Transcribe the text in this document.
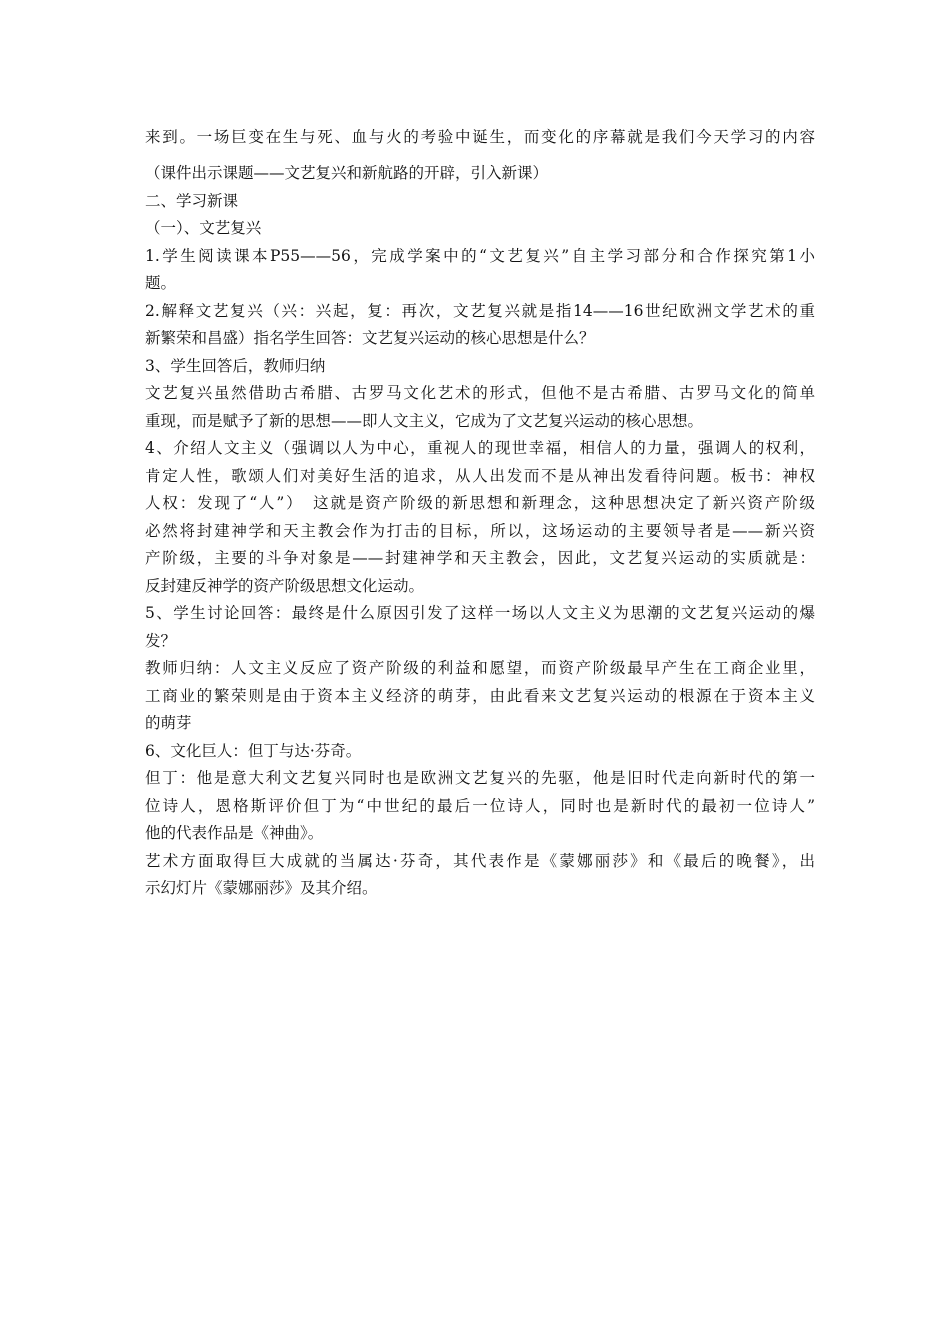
来到。一场巨变在生与死、血与火的考验中诞生，而变化的序幕就是我们今天学习的内容
（课件出示课题——文艺复兴和新航路的开辟，引入新课）
二、学习新课
（一）、文艺复兴
1.学生阅读课本P55——56，完成学案中的“文艺复兴”自主学习部分和合作探究第1小
题。
2.解释文艺复兴（兴：兴起，复：再次，文艺复兴就是指14——16世纪欧洲文学艺术的重
新繁荣和昌盛）指名学生回答：文艺复兴运动的核心思想是什么？
3、学生回答后，教师归纳
文艺复兴虽然借助古希腊、古罗马文化艺术的形式，但他不是古希腊、古罗马文化的简单
重现，而是赋予了新的思想——即人文主义，它成为了文艺复兴运动的核心思想。
4、介绍人文主义（强调以人为中心，重视人的现世幸福，相信人的力量，强调人的权利，
肯定人性，歌颂人们对美好生活的追求，从人出发而不是从神出发看待问题。板书：神权
人权：发现了“人”）　这就是资产阶级的新思想和新理念，这种思想决定了新兴资产阶级
必然将封建神学和天主教会作为打击的目标，所以，这场运动的主要领导者是——新兴资
产阶级，主要的斗争对象是——封建神学和天主教会，因此，文艺复兴运动的实质就是：
反封建反神学的资产阶级思想文化运动。
5、学生讨论回答：最终是什么原因引发了这样一场以人文主义为思潮的文艺复兴运动的爆
发？
教师归纳：人文主义反应了资产阶级的利益和愿望，而资产阶级最早产生在工商企业里，
工商业的繁荣则是由于资本主义经济的萌芽，由此看来文艺复兴运动的根源在于资本主义
的萌芽
6、文化巨人：但丁与达·芬奇。
但丁：他是意大利文艺复兴同时也是欧洲文艺复兴的先驱，他是旧时代走向新时代的第一
位诗人，恩格斯评价但丁为“中世纪的最后一位诗人，同时也是新时代的最初一位诗人”
他的代表作品是《神曲》。
艺术方面取得巨大成就的当属达·芬奇，其代表作是《蒙娜丽莎》和《最后的晚餐》，出
示幻灯片《蒙娜丽莎》及其介绍。
